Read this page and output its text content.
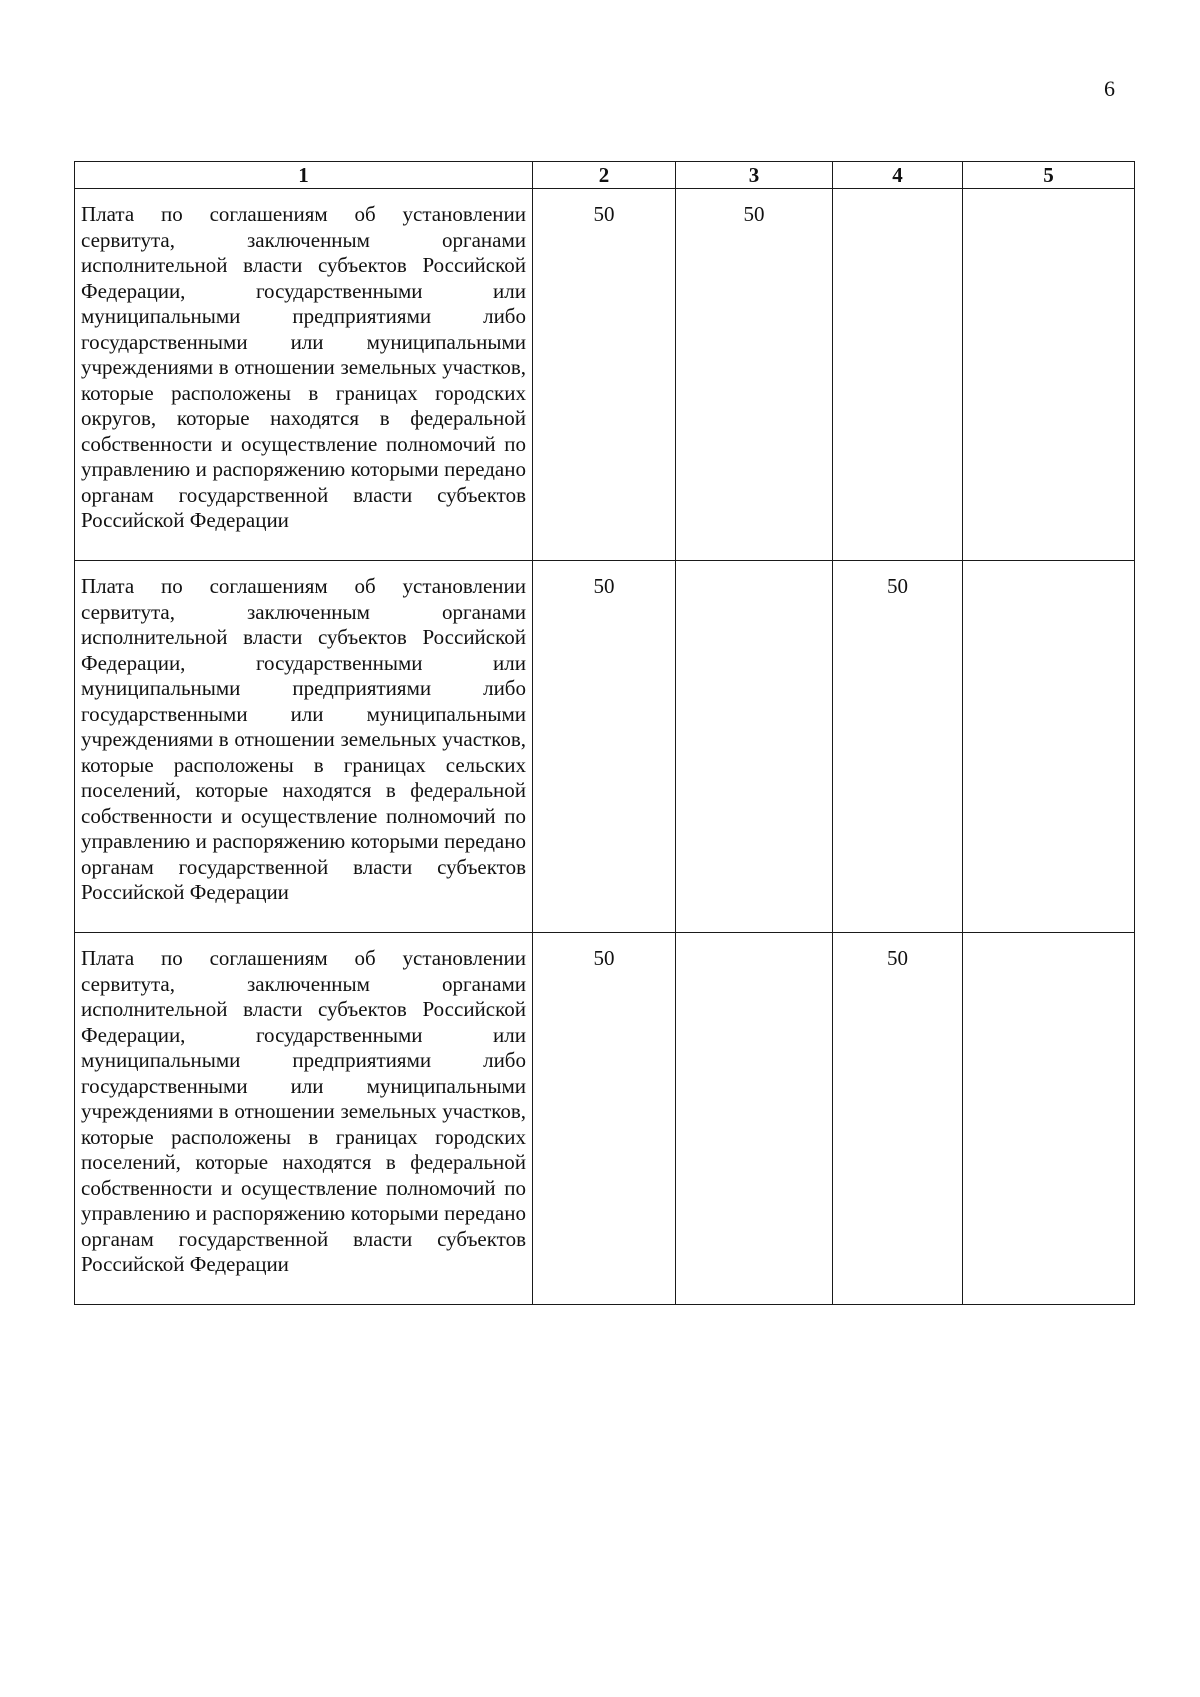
6
1	2	3	4	5

Плата по соглашениям об установлении сервитута, заключенным органами исполнительной власти субъектов Российской Федерации, государственными или муниципальными предприятиями либо государственными или муниципальными учреждениями в отношении земельных участков, которые расположены в границах городских округов, которые находятся в федеральной собственности и осуществление полномочий по управлению и распоряжению которыми передано органам государственной власти субъектов Российской Федерации	50	50		

Плата по соглашениям об установлении сервитута, заключенным органами исполнительной власти субъектов Российской Федерации, государственными или муниципальными предприятиями либо государственными или муниципальными учреждениями в отношении земельных участков, которые расположены в границах сельских поселений, которые находятся в федеральной собственности и осуществление полномочий по управлению и распоряжению которыми передано органам государственной власти субъектов Российской Федерации	50		50	

Плата по соглашениям об установлении сервитута, заключенным органами исполнительной власти субъектов Российской Федерации, государственными или муниципальными предприятиями либо государственными или муниципальными учреждениями в отношении земельных участков, которые расположены в границах городских поселений, которые находятся в федеральной собственности и осуществление полномочий по управлению и распоряжению которыми передано органам государственной власти субъектов Российской Федерации	50		50	
